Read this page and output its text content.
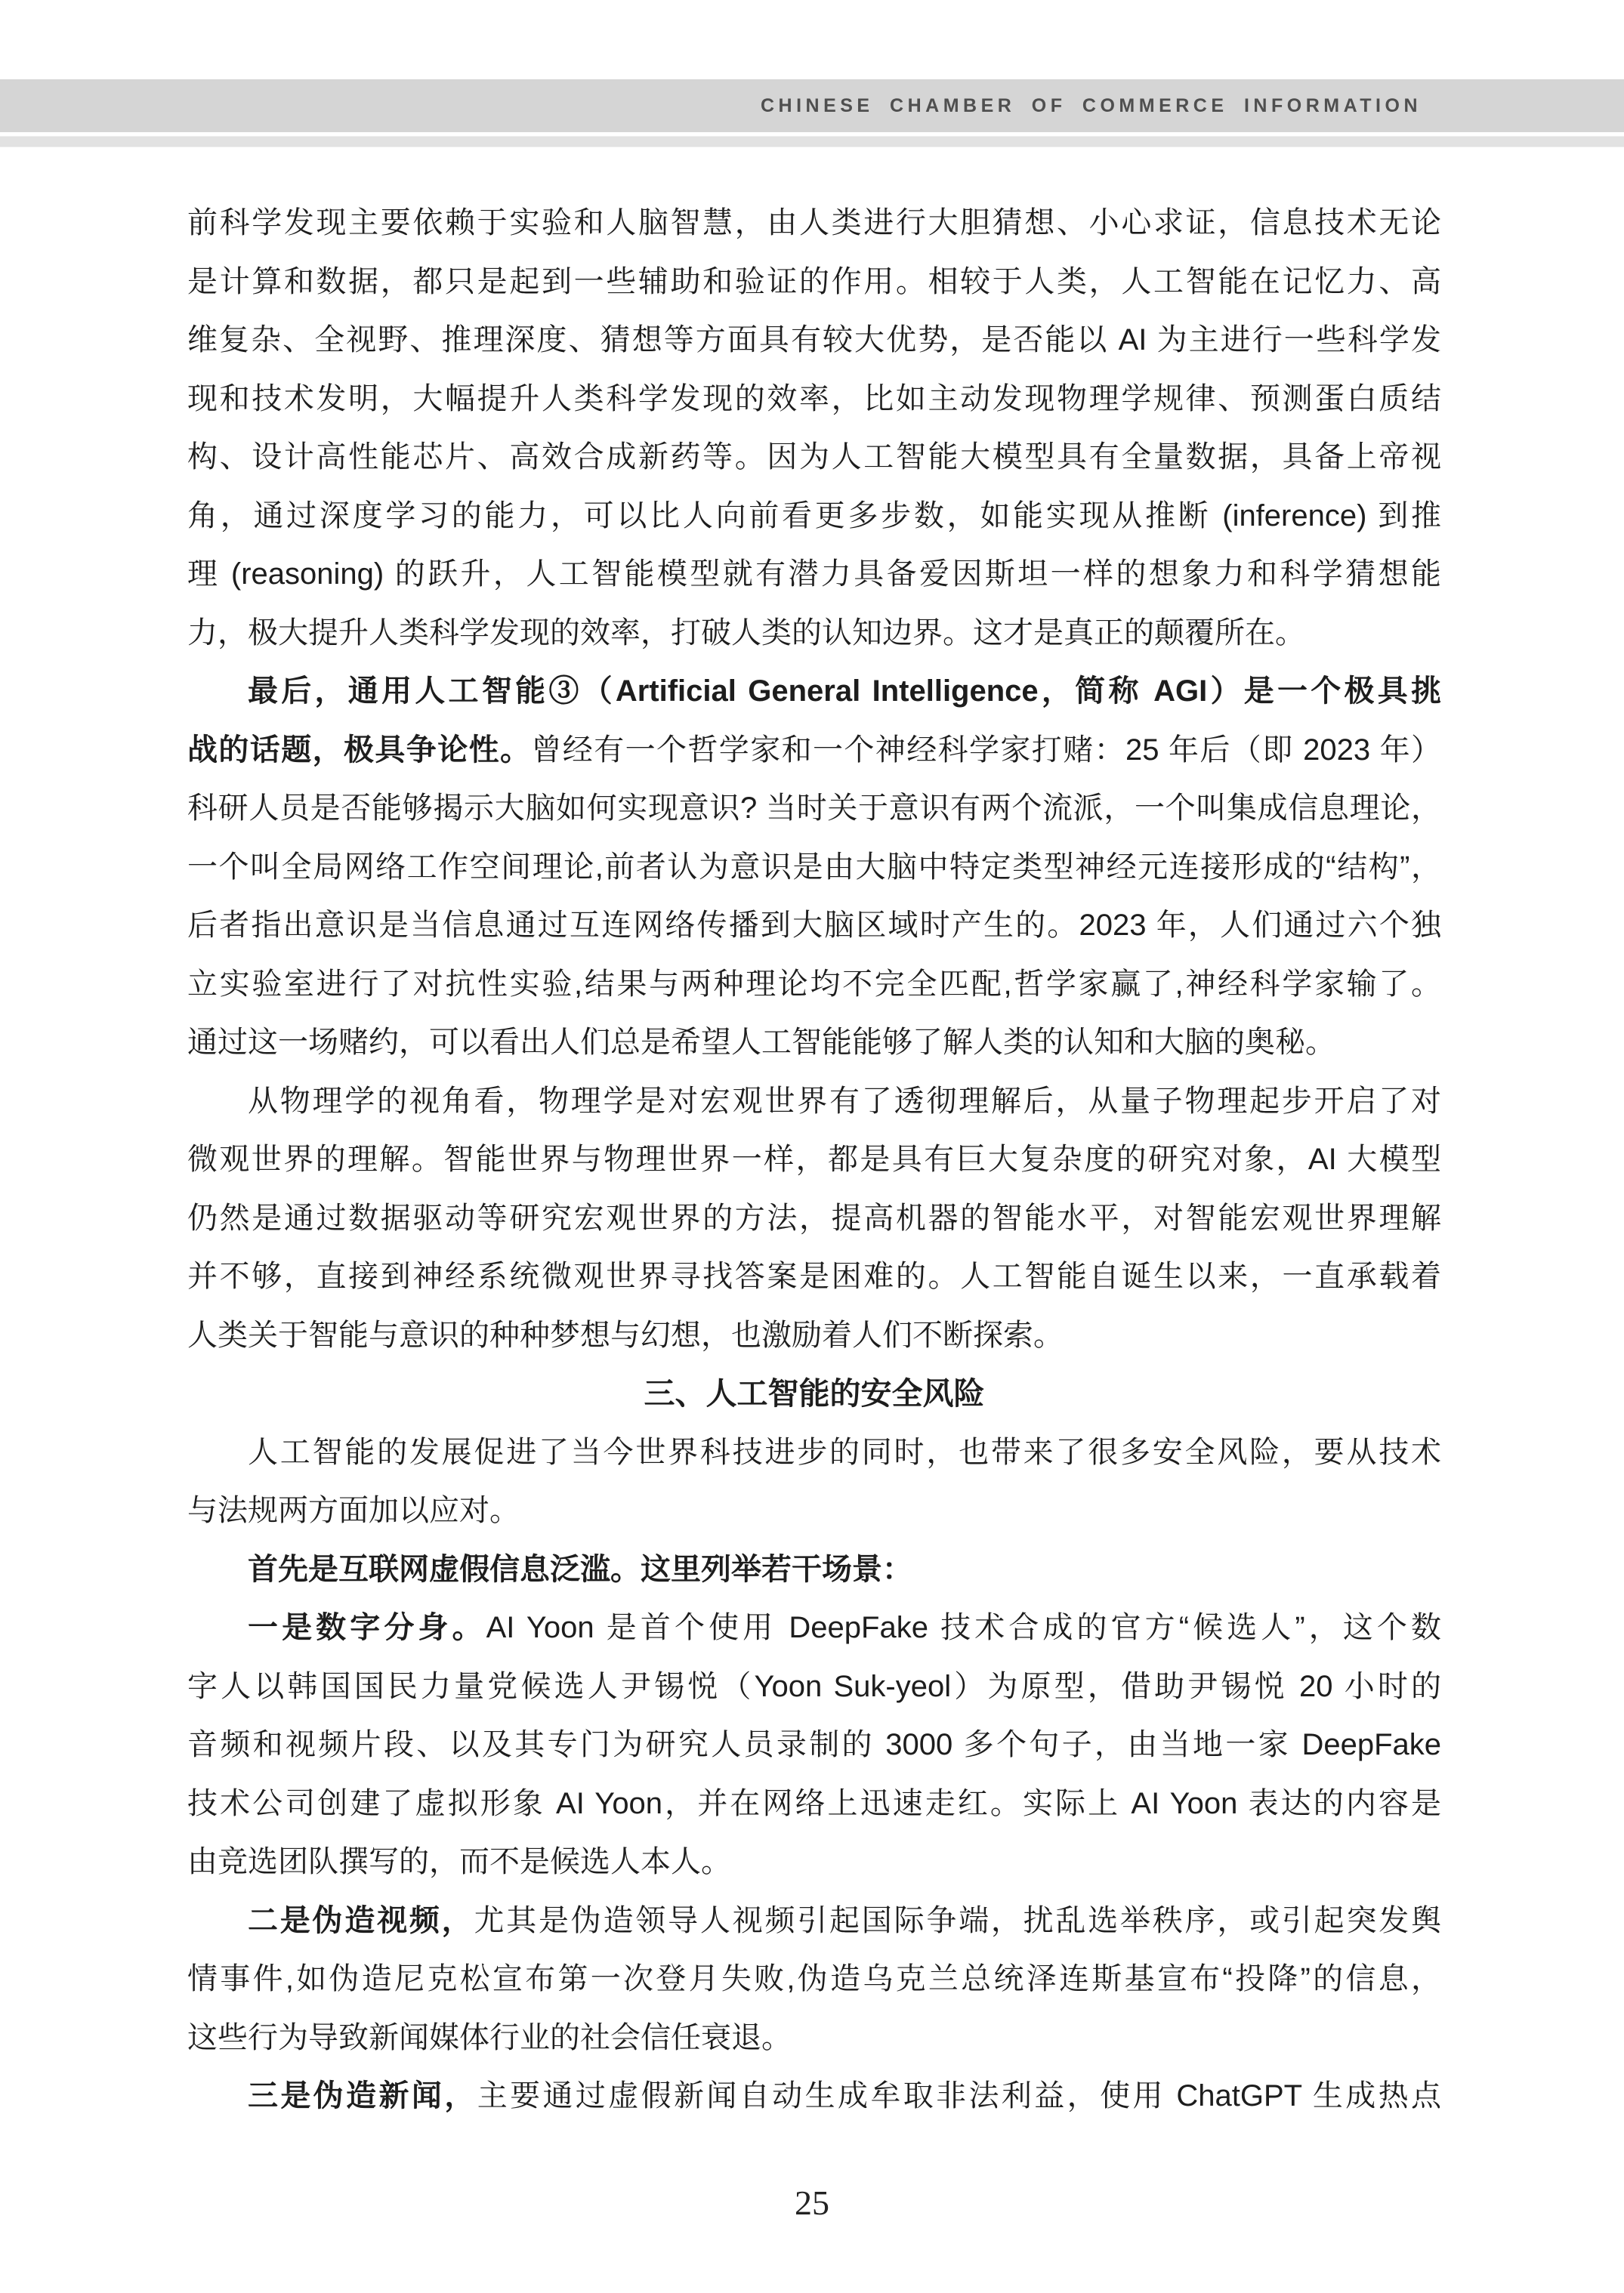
CHINESE CHAMBER OF COMMERCE INFORMATION
前科学发现主要依赖于实验和人脑智慧，由人类进行大胆猜想、小心求证，信息技术无论
是计算和数据，都只是起到一些辅助和验证的作用。相较于人类，人工智能在记忆力、高
维复杂、全视野、推理深度、猜想等方面具有较大优势，是否能以 AI 为主进行一些科学发
现和技术发明，大幅提升人类科学发现的效率，比如主动发现物理学规律、预测蛋白质结
构、设计高性能芯片、高效合成新药等。因为人工智能大模型具有全量数据，具备上帝视
角，通过深度学习的能力，可以比人向前看更多步数，如能实现从推断 (inference) 到推
理 (reasoning) 的跃升，人工智能模型就有潜力具备爱因斯坦一样的想象力和科学猜想能
力，极大提升人类科学发现的效率，打破人类的认知边界。这才是真正的颠覆所在。
最后，通用人工智能③（Artificial General Intelligence，简称 AGI）是一个极具挑
战的话题，极具争论性。曾经有一个哲学家和一个神经科学家打赌：25 年后（即 2023 年）
科研人员是否能够揭示大脑如何实现意识? 当时关于意识有两个流派，一个叫集成信息理论，
一个叫全局网络工作空间理论,前者认为意识是由大脑中特定类型神经元连接形成的“结构”，
后者指出意识是当信息通过互连网络传播到大脑区域时产生的。2023 年，人们通过六个独
立实验室进行了对抗性实验,结果与两种理论均不完全匹配,哲学家赢了,神经科学家输了。
通过这一场赌约，可以看出人们总是希望人工智能能够了解人类的认知和大脑的奥秘。
从物理学的视角看，物理学是对宏观世界有了透彻理解后，从量子物理起步开启了对
微观世界的理解。智能世界与物理世界一样，都是具有巨大复杂度的研究对象，AI 大模型
仍然是通过数据驱动等研究宏观世界的方法，提高机器的智能水平，对智能宏观世界理解
并不够，直接到神经系统微观世界寻找答案是困难的。人工智能自诞生以来，一直承载着
人类关于智能与意识的种种梦想与幻想，也激励着人们不断探索。
三、人工智能的安全风险
人工智能的发展促进了当今世界科技进步的同时，也带来了很多安全风险，要从技术
与法规两方面加以应对。
首先是互联网虚假信息泛滥。这里列举若干场景：
一是数字分身。AI Yoon 是首个使用 DeepFake 技术合成的官方“候选人”，这个数
字人以韩国国民力量党候选人尹锡悦（Yoon Suk-yeol）为原型，借助尹锡悦 20 小时的
音频和视频片段、以及其专门为研究人员录制的 3000 多个句子，由当地一家 DeepFake
技术公司创建了虚拟形象 AI Yoon，并在网络上迅速走红。实际上 AI Yoon 表达的内容是
由竞选团队撰写的，而不是候选人本人。
二是伪造视频，尤其是伪造领导人视频引起国际争端，扰乱选举秩序，或引起突发舆
情事件,如伪造尼克松宣布第一次登月失败,伪造乌克兰总统泽连斯基宣布“投降”的信息，
这些行为导致新闻媒体行业的社会信任衰退。
三是伪造新闻，主要通过虚假新闻自动生成牟取非法利益，使用 ChatGPT 生成热点
25
